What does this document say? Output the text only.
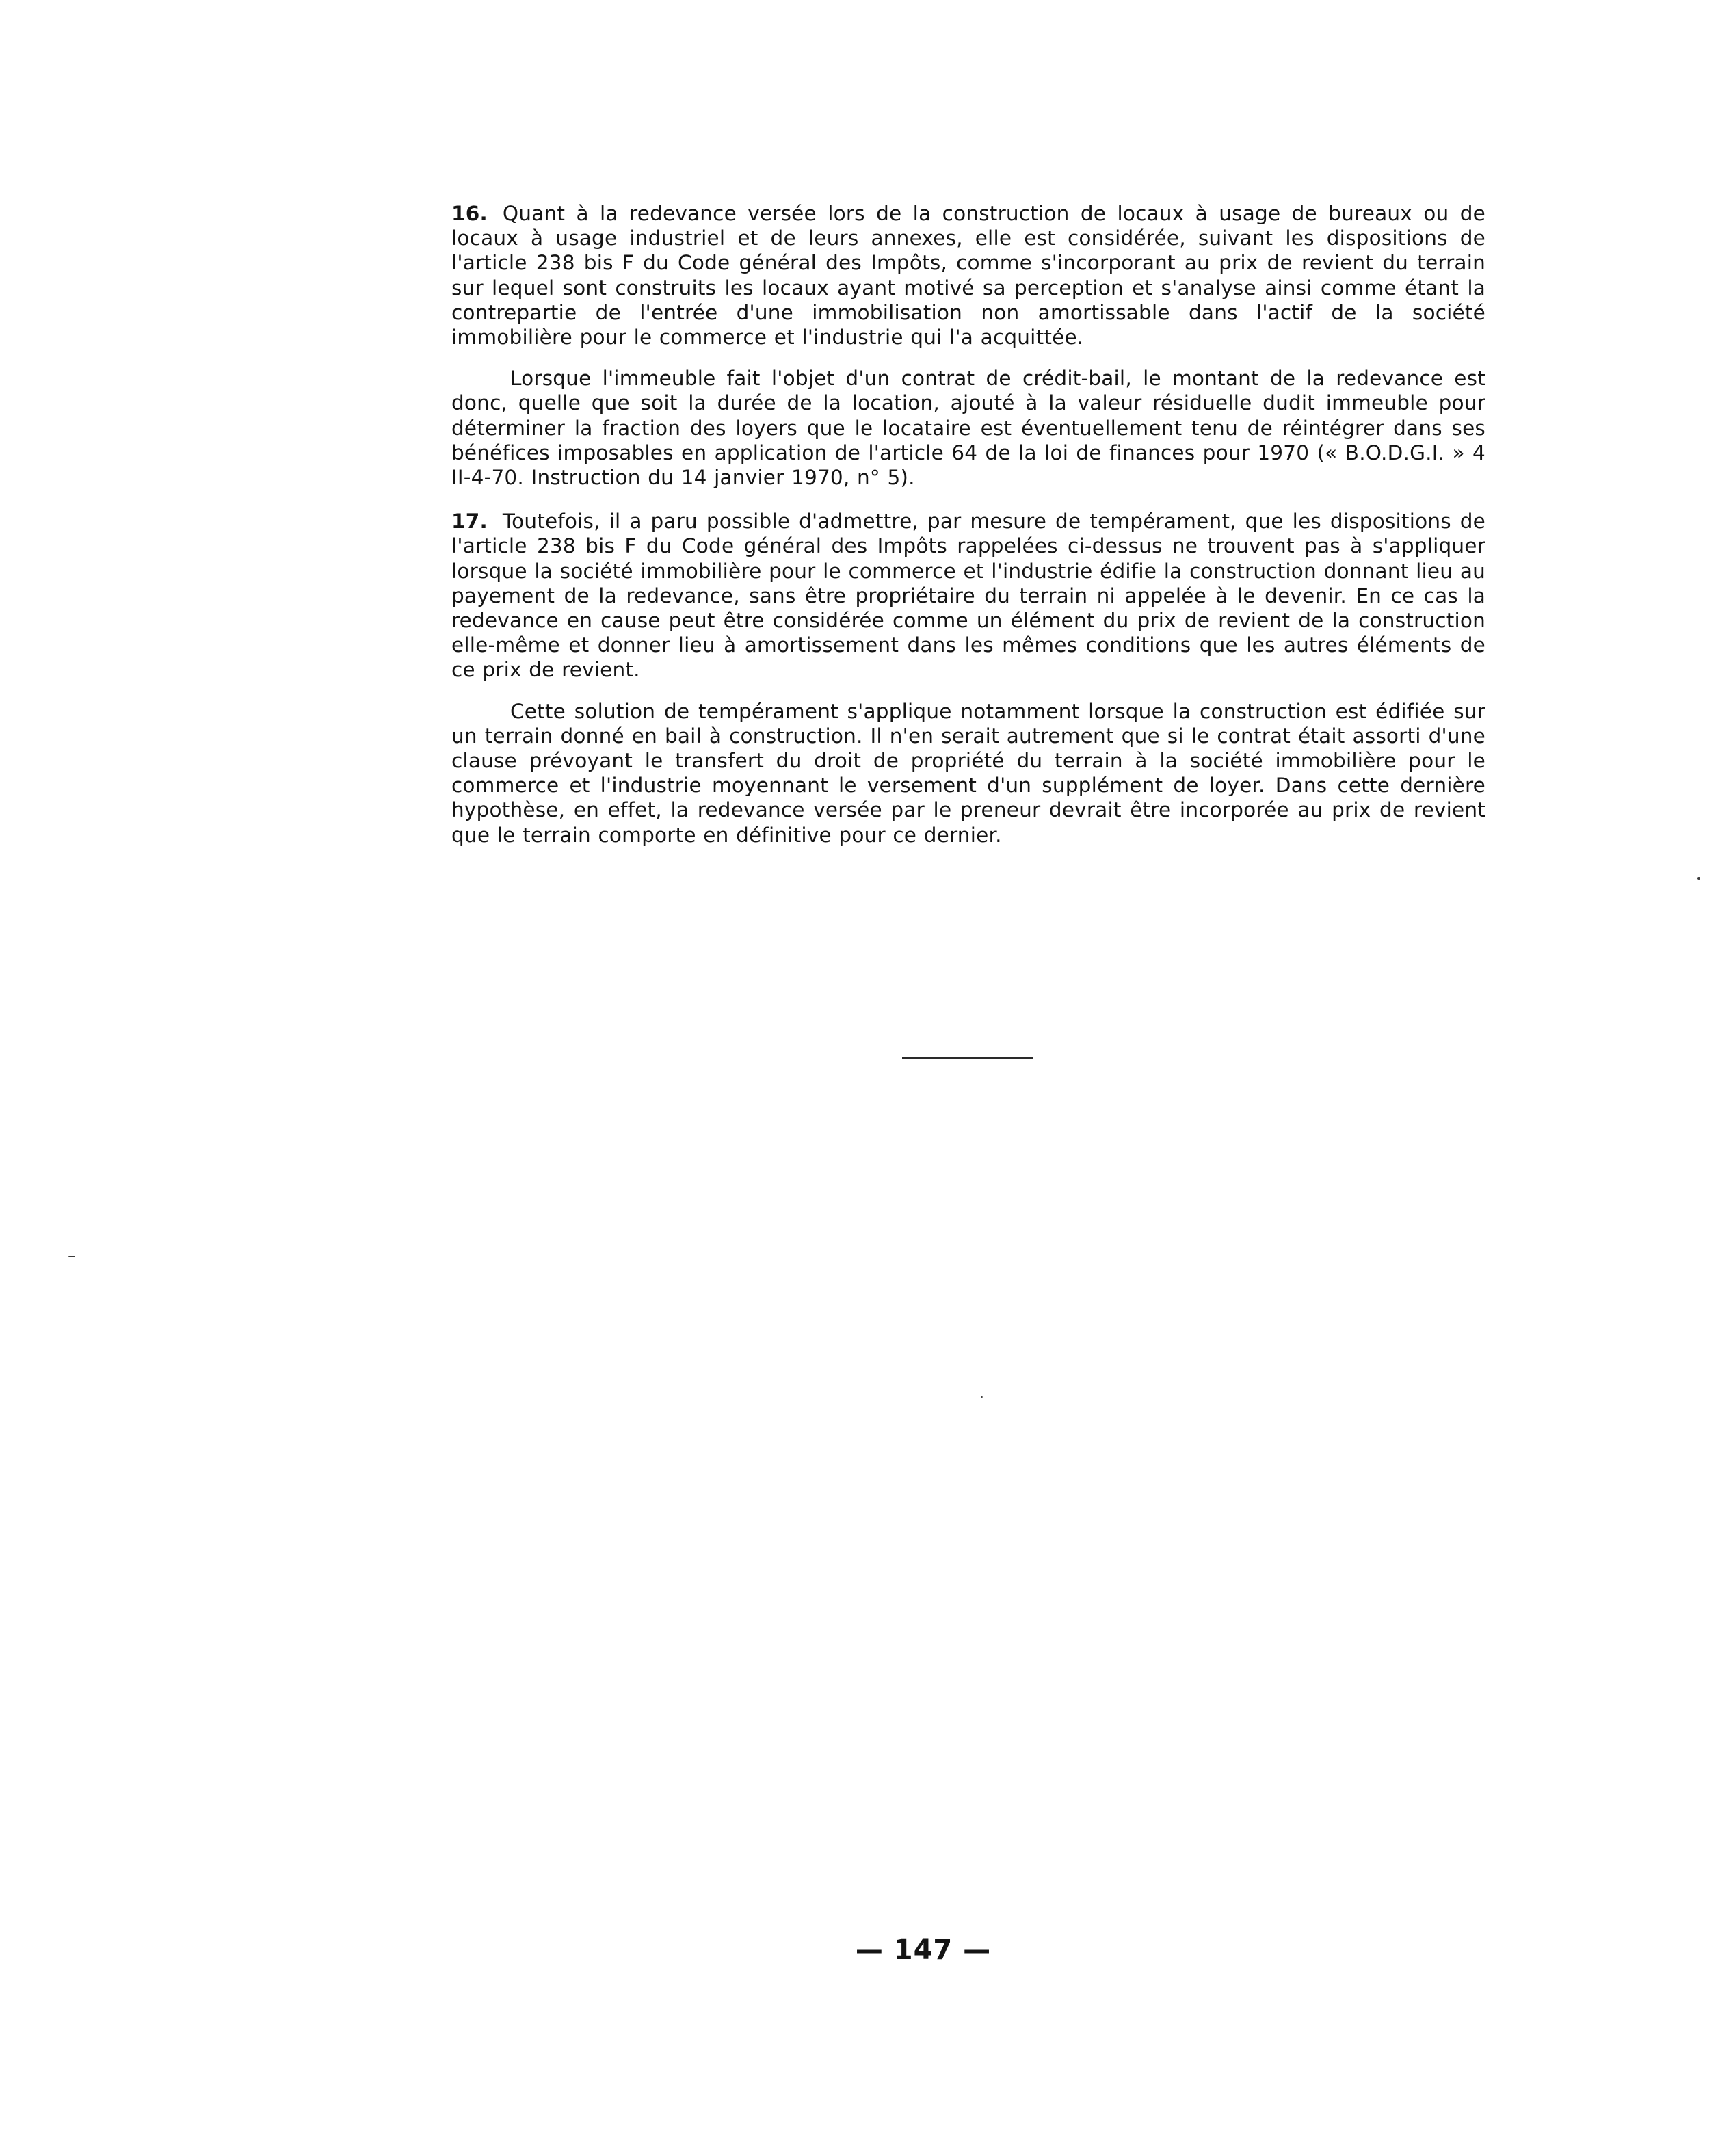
16. Quant à la redevance versée lors de la construction de locaux à usage de bureaux ou de locaux à usage industriel et de leurs annexes, elle est considérée, suivant les dispositions de l'article 238 bis F du Code général des Impôts, comme s'incorporant au prix de revient du terrain sur lequel sont construits les locaux ayant motivé sa perception et s'analyse ainsi comme étant la contrepartie de l'entrée d'une immobilisation non amortissable dans l'actif de la société immobilière pour le commerce et l'industrie qui l'a acquittée.

Lorsque l'immeuble fait l'objet d'un contrat de crédit-bail, le montant de la redevance est donc, quelle que soit la durée de la location, ajouté à la valeur résiduelle dudit immeuble pour déterminer la fraction des loyers que le locataire est éventuellement tenu de réintégrer dans ses bénéfices imposables en application de l'article 64 de la loi de finances pour 1970 (« B.O.D.G.I. » 4 II-4-70. Instruction du 14 janvier 1970, n° 5).

17. Toutefois, il a paru possible d'admettre, par mesure de tempérament, que les dispositions de l'article 238 bis F du Code général des Impôts rappelées ci-dessus ne trouvent pas à s'appliquer lorsque la société immobilière pour le commerce et l'industrie édifie la construction donnant lieu au payement de la redevance, sans être propriétaire du terrain ni appelée à le devenir. En ce cas la redevance en cause peut être considérée comme un élément du prix de revient de la construction elle-même et donner lieu à amortissement dans les mêmes conditions que les autres éléments de ce prix de revient.

Cette solution de tempérament s'applique notamment lorsque la construction est édifiée sur un terrain donné en bail à construction. Il n'en serait autrement que si le contrat était assorti d'une clause prévoyant le transfert du droit de propriété du terrain à la société immobilière pour le commerce et l'industrie moyennant le versement d'un supplément de loyer. Dans cette dernière hypothèse, en effet, la redevance versée par le preneur devrait être incorporée au prix de revient que le terrain comporte en définitive pour ce dernier.

— 147 —
